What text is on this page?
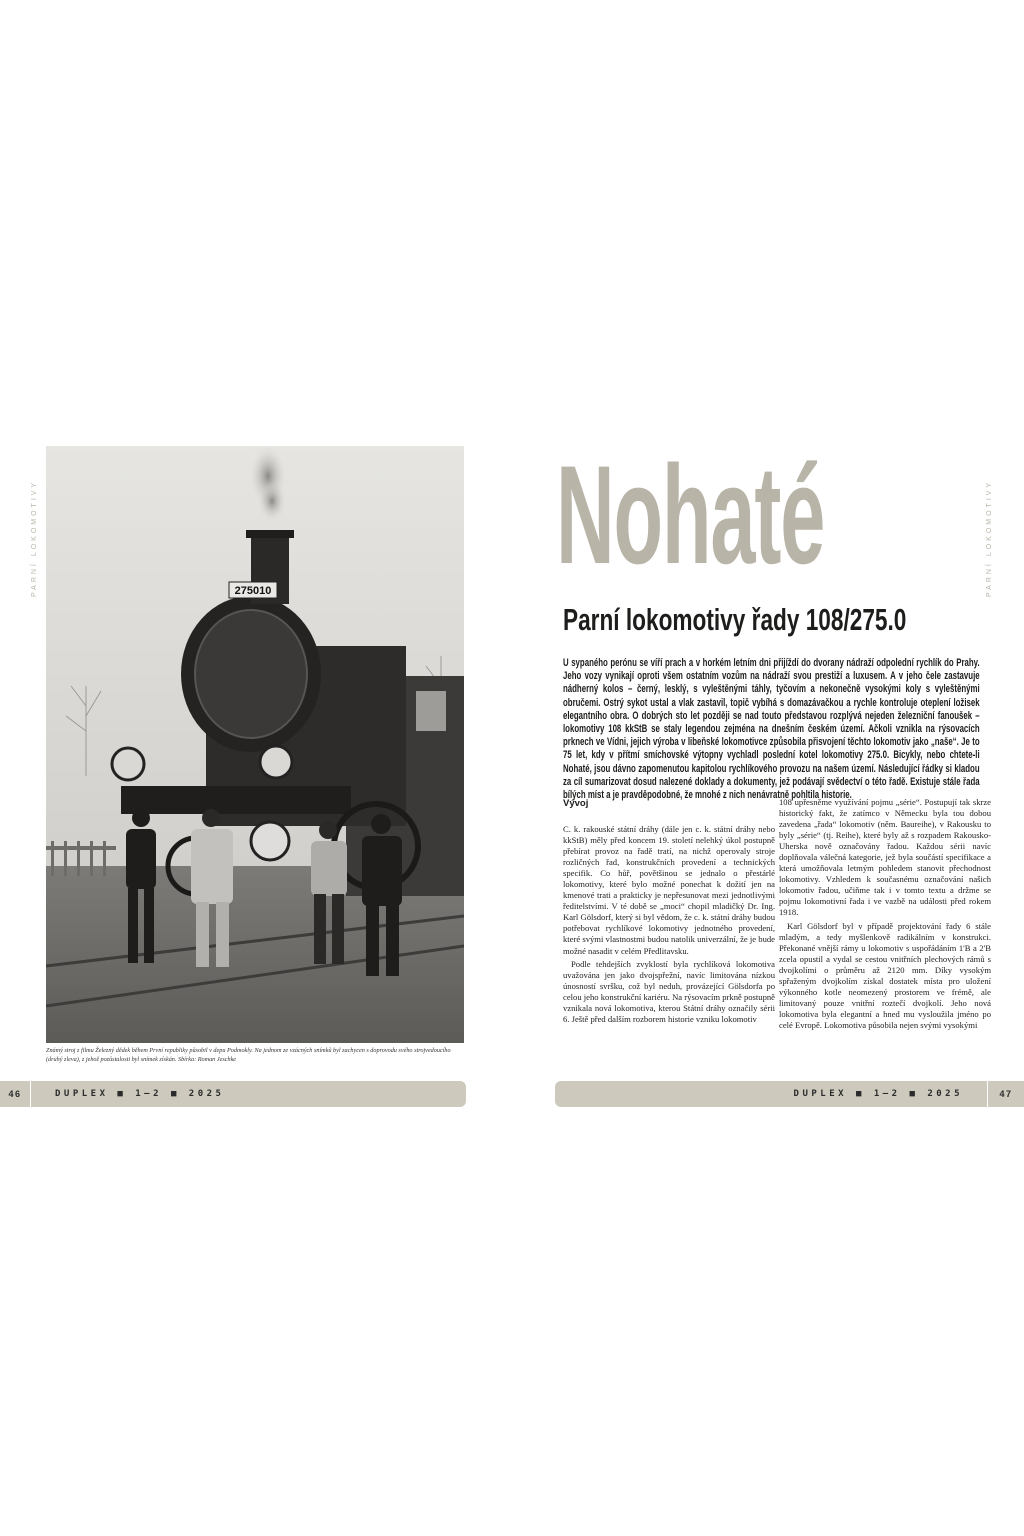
PARNÍ LOKOMOTIVY	275010
Známý stroj z filmu Železný dědek během První republiky působil v depu Podmokly. Na jednom ze vzácných snímků byl zachycen s doprovodu svého strojvedoucího (druhý zleva), z jehož pozůstalosti byl snímek získán. Sbírka: Roman Jeschke
46	DUPLEX ■ 1–2 ■ 2025
PARNÍ LOKOMOTIVY
Nohaté
Parní lokomotivy řady 108/275.0
U sypaného perónu se víří prach a v horkém letním dni přijíždí do dvorany nádraží odpolední rychlík do Prahy. Jeho vozy vynikají oproti všem ostatním vozům na nádraží svou prestiží a luxusem. A v jeho čele zastavuje nádherný kolos – černý, lesklý, s vyleštěnými táhly, tyčovím a nekonečně vysokými koly s vyleštěnými obručemi. Ostrý sykot ustal a vlak zastavil, topič vybíhá s domazávačkou a rychle kontroluje oteplení ložisek elegantního obra. O dobrých sto let později se nad touto představou rozplývá nejeden železniční fanoušek – lokomotivy 108 kkStB se staly legendou zejména na dnešním českém území. Ačkoli vznikla na rýsovacích prknech ve Vídni, jejich výroba v libeňské lokomotivce způsobila přisvojení těchto lokomotiv jako „naše“. Je to 75 let, kdy v přítmí smíchovské výtopny vychladl poslední kotel lokomotivy 275.0. Bicykly, nebo chtete-li Nohaté, jsou dávno zapomenutou kapitolou rychlíkového provozu na našem území. Následující řádky si kladou za cíl sumarizovat dosud nalezené doklady a dokumenty, jež podávají svědectví o této řadě. Existuje stále řada bílých míst a je pravděpodobné, že mnohé z nich nenávratně pohltila historie.
Vývoj

C. k. rakouské státní dráhy (dále jen c. k. státní dráhy nebo kkStB) měly před koncem 19. století nelehký úkol postupně přebírat provoz na řadě tratí, na nichž operovaly stroje rozličných řad, konstrukčních provedení a technických specifik. Co hůř, povětšinou se jednalo o přestárlé lokomotivy, které bylo možné ponechat k dožití jen na kmenové trati a prakticky je nepřesunovat mezi jednotlivými ředitelstvími. V té době se „moci“ chopil mladičký Dr. Ing. Karl Gölsdorf, který si byl vědom, že c. k. státní dráhy budou potřebovat rychlíkové lokomotivy jednotného provedení, které svými vlastnostmi budou natolik univerzální, že je bude možné nasadit v celém Předlitavsku.

Podle tehdejších zvyklostí byla rychlíková lokomotiva uvažována jen jako dvojspřežní, navíc limitována nízkou únosností svršku, což byl neduh, provázející Gölsdorfa po celou jeho konstrukční kariéru. Na rýsovacím prkně postupně vznikala nová lokomotiva, kterou Státní dráhy označily sérii 6. Ještě před dalším rozborem historie vzniku lokomotiv

108 upřesněme využívání pojmu „série“. Postupují tak skrze historický fakt, že zatímco v Německu byla tou dobou zavedena „řada“ lokomotiv (něm. Baureihe), v Rakousku to byly „série“ (tj. Reihe), které byly až s rozpadem Rakousko-Uherska nově označovány řadou. Každou sérii navíc doplňovala válečná kategorie, jež byla součástí specifikace a která umožňovala letmým pohledem stanovit přechodnost lokomotivy. Vzhledem k současnému označování našich lokomotiv řadou, učiňme tak i v tomto textu a držme se pojmu lokomotivní řada i ve vazbě na události před rokem 1918.

Karl Gölsdorf byl v případě projektování řady 6 stále mladým, a tedy myšlenkově radikálním v konstrukci. Překonané vnější rámy u lokomotiv s uspořádáním 1'B a 2'B zcela opustil a vydal se cestou vnitřních plechových rámů s dvojkolími o průměru až 2120 mm. Díky vysokým spřaženým dvojkolím získal dostatek místa pro uložení výkonného kotle neomezený prostorem ve frémě, ale limitovaný pouze vnitřní roztečí dvojkolí. Jeho nová lokomotiva byla elegantní a hned mu vysloužila jméno po celé Evropě. Lokomotiva působila nejen svými vysokými

DUPLEX ■ 1–2 ■ 2025	47
